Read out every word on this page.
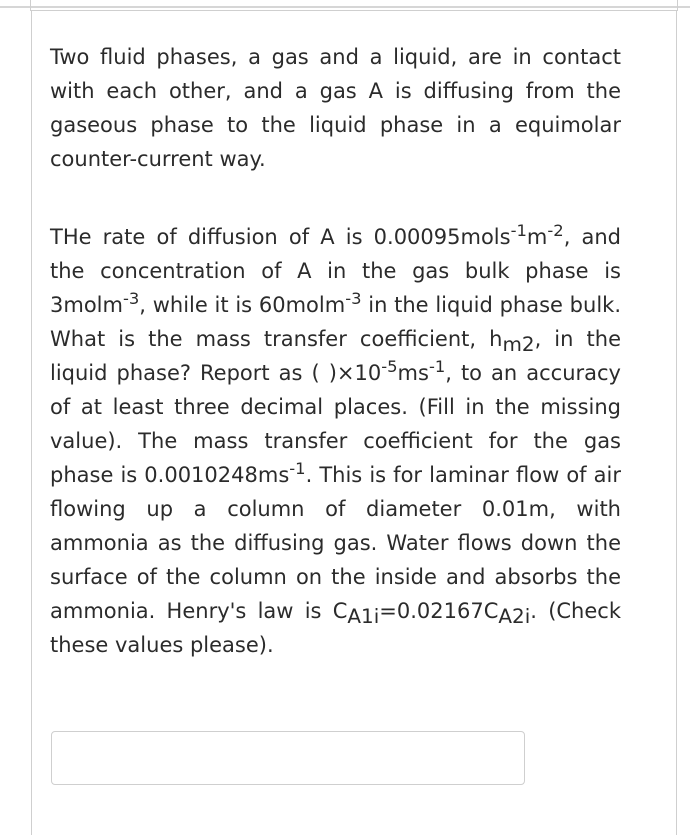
Two fluid phases, a gas and a liquid, are in contact with each other, and a gas A is diffusing from the gaseous phase to the liquid phase in a equimolar counter-current way.

THe rate of diffusion of A is $0.00095mols^{-1}m^{-2}$, and the concentration of A in the gas bulk phase is 3molm$^{-3}$, while it is 60molm$^{-3}$ in the liquid phase bulk. What is the mass transfer coefficient, $h_{m2}$, in the liquid phase? Report as ( )$\times 10^{-5}ms^{-1}$, to an accuracy of at least three decimal places. (Fill in the missing value). The mass transfer coefficient for the gas phase is $0.0010248ms^{-1}$. This is for laminar flow of air flowing up a column of diameter 0.01m, with ammonia as the diffusing gas. Water flows down the surface of the column on the inside and absorbs the ammonia. Henry's law is $C_{A1i}=0.02167C_{A2i}$. (Check these values please).
